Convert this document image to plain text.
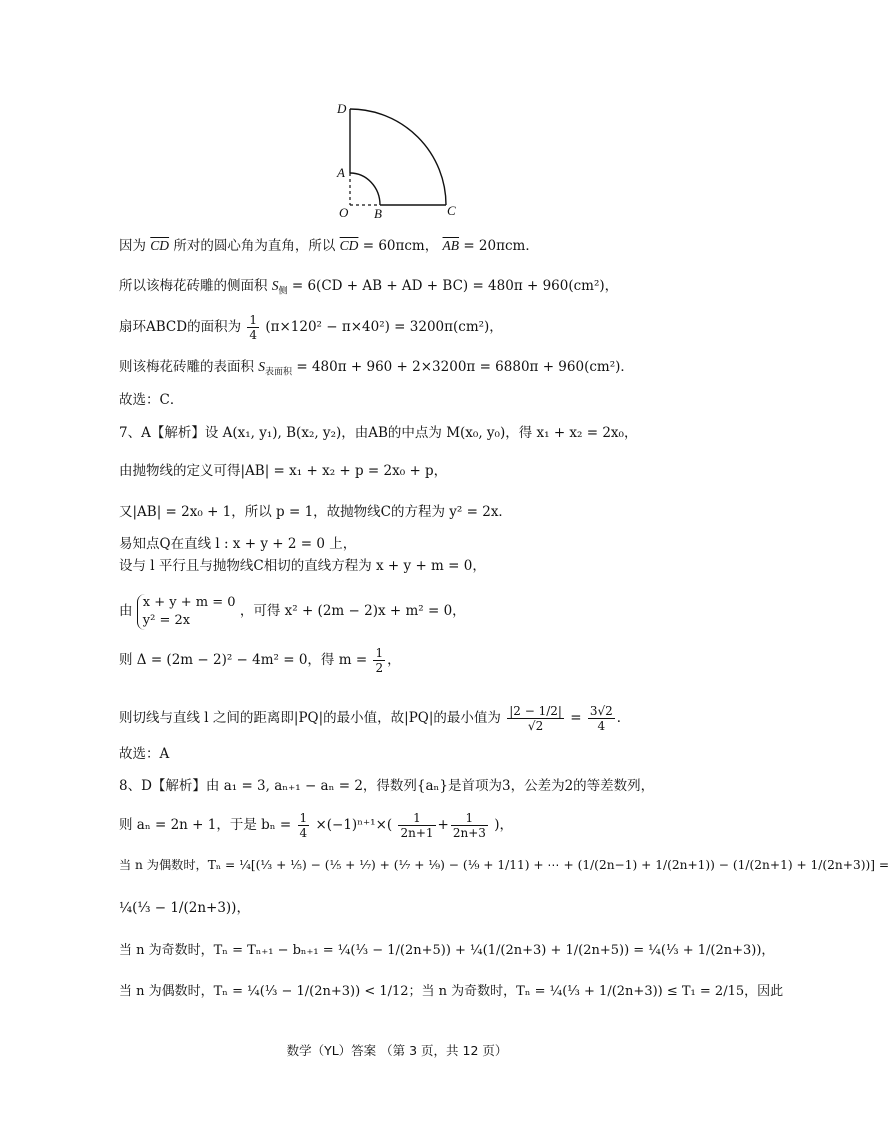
D
A
O B	C
因为 $\overline{CD}$ 所对的圆心角为直角，所以 $\overline{CD} = 60\pi cm$， $\overline{AB} = 20\pi cm$．
所以该梅花砖雕的侧面积 $S_侧 = 6(CD$ + AB + AD + BC) = 480π + 960(cm²)，
扇环ABCD的面积为 $\frac{1}{4} (\pi\times 120^2 - \pi\times 40^2) = 3200\pi(cm^2)$，
则该梅花砖雕的表面积 $S_{表面积} = 480\pi + 960 + 2\times 3200\pi = 6880\pi + 960(cm^2)$．
故选：C．
7、A【解析】设 A(x₁, y₁), B(x₂, y₂)，由AB的中点为 M(x₀, y₀)，得 x₁ + x₂ = 2x₀，
由抛物线的定义可得|AB| = x₁ + x₂ + p = 2x₀ + p，
又|AB| = 2x₀ + 1，所以 p = 1，故抛物线C的方程为 y² = 2x．
易知点Q在直线 l : x + y + 2 = 0 上，
设与 l 平行且与抛物线C相切的直线方程为 x + y + m = 0，
由
x + y + m = 0
y² = 2x
，可得 x² + (2m − 2)x + m² = 0，
则 Δ = (2m − 2)² − 4m² = 0，得 $m = \frac{1}{2}$ ，
则切线与直线 l 之间的距离即|PQ|的最小值，故|PQ|的最小值为 $\frac{|2 - 1/2|}{√2} = \frac{3√2}{4}$ ．
故选：A
8、D【解析】由 a₁ = 3, aₙ₊₁ − aₙ = 2，得数列{aₙ}是首项为3，公差为2的等差数列，
则 aₙ = 2n + 1，于是 $b_n = \frac{1}{4} \times(-1)^{n+1}\times( \frac{1}{2n+1} + \frac{1}{2n+3}$ )，
当 n 为偶数时，Tₙ = ¼[(⅓ + ⅕) − (⅕ + ⅐) + (⅐ + ⅑) − (⅑ + 1/11) + ⋯ + (1/(2n−1) + 1/(2n+1)) − (1/(2n+1) + 1/(2n+3))] =
¼(⅓ − 1/(2n+3))，
当 n 为奇数时，Tₙ = Tₙ₊₁ − bₙ₊₁ = ¼(⅓ − 1/(2n+5)) + ¼(1/(2n+3) + 1/(2n+5)) = ¼(⅓ + 1/(2n+3))，
当 n 为偶数时，Tₙ = ¼(⅓ − 1/(2n+3)) < 1/12；当 n 为奇数时，Tₙ = ¼(⅓ + 1/(2n+3)) ≤ T₁ = 2/15，因此
数学（YL）答案 （第 3 页，共 12 页）
